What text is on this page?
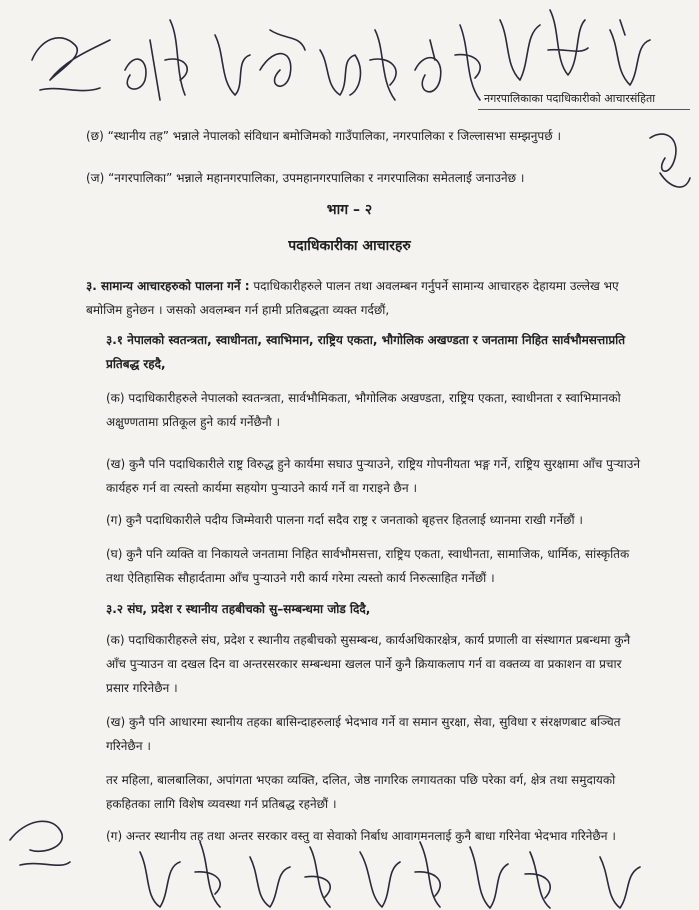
नगरपालिकाका पदाधिकारीको आचारसंहिता

(छ) “स्थानीय तह” भन्नाले नेपालको संविधान बमोजिमको गाउँपालिका, नगरपालिका र जिल्लासभा सम्झनुपर्छ ।

(ज) “नगरपालिका” भन्नाले महानगरपालिका, उपमहानगरपालिका र नगरपालिका समेतलाई जनाउनेछ ।

भाग – २
पदाधिकारीका आचारहरु

३. सामान्य आचारहरुको पालना गर्ने : पदाधिकारीहरुले पालन तथा अवलम्बन गर्नुपर्ने सामान्य आचारहरु देहायमा उल्लेख भए बमोजिम हुनेछन । जसको अवलम्बन गर्न हामी प्रतिबद्धता व्यक्त गर्दछौं,

३.१ नेपालको स्वतन्त्रता, स्वाधीनता, स्वाभिमान, राष्ट्रिय एकता, भौगोलिक अखण्डता र जनतामा निहित सार्वभौमसत्ताप्रति प्रतिबद्ध रहदै,

(क) पदाधिकारीहरुले नेपालको स्वतन्त्रता, सार्वभौमिकता, भौगोलिक अखण्डता, राष्ट्रिय एकता, स्वाधीनता र स्वाभिमानको अक्षुण्णतामा प्रतिकूल हुने कार्य गर्नेछैनौ ।

(ख) कुनै पनि पदाधिकारीले राष्ट्र विरुद्ध हुने कार्यमा सघाउ पुऱ्याउने, राष्ट्रिय गोपनीयता भङ्ग गर्ने, राष्ट्रिय सुरक्षामा आँच पुऱ्याउने कार्यहरु गर्न वा त्यस्तो कार्यमा सहयोग पुऱ्याउने कार्य गर्ने वा गराइने छैन ।

(ग) कुनै पदाधिकारीले पदीय जिम्मेवारी पालना गर्दा सदैव राष्ट्र र जनताको बृहत्तर हितलाई ध्यानमा राखी गर्नेछौं ।

(घ) कुनै पनि व्यक्ति वा निकायले जनतामा निहित सार्वभौमसत्ता, राष्ट्रिय एकता, स्वाधीनता, सामाजिक, धार्मिक, सांस्कृतिक तथा ऐतिहासिक सौहार्दतामा आँच पुऱ्याउने गरी कार्य गरेमा त्यस्तो कार्य निरुत्साहित गर्नेछौं ।

३.२ संघ, प्रदेश र स्थानीय तहबीचको सु–सम्बन्धमा जोड दिदै,

(क) पदाधिकारीहरुले संघ, प्रदेश र स्थानीय तहबीचको सुसम्बन्ध, कार्यअधिकारक्षेत्र, कार्य प्रणाली वा संस्थागत प्रबन्धमा कुनै आँच पुऱ्याउन वा दखल दिन वा अन्तरसरकार सम्बन्धमा खलल पार्ने कुनै क्रियाकलाप गर्न वा वक्तव्य वा प्रकाशन वा प्रचार प्रसार गरिनेछैन ।

(ख) कुनै पनि आधारमा स्थानीय तहका बासिन्दाहरुलाई भेदभाव गर्ने वा समान सुरक्षा, सेवा, सुविधा र संरक्षणबाट बञ्चित गरिनेछैन ।

तर महिला, बालबालिका, अपांगता भएका व्यक्ति, दलित, जेष्ठ नागरिक लगायतका पछि परेका वर्ग, क्षेत्र तथा समुदायको हकहितका लागि विशेष व्यवस्था गर्न प्रतिबद्ध रहनेछौं ।

(ग) अन्तर स्थानीय तह तथा अन्तर सरकार वस्तु वा सेवाको निर्बाध आवागमनलाई कुनै बाधा गरिनेवा भेदभाव गरिनेछैन ।
